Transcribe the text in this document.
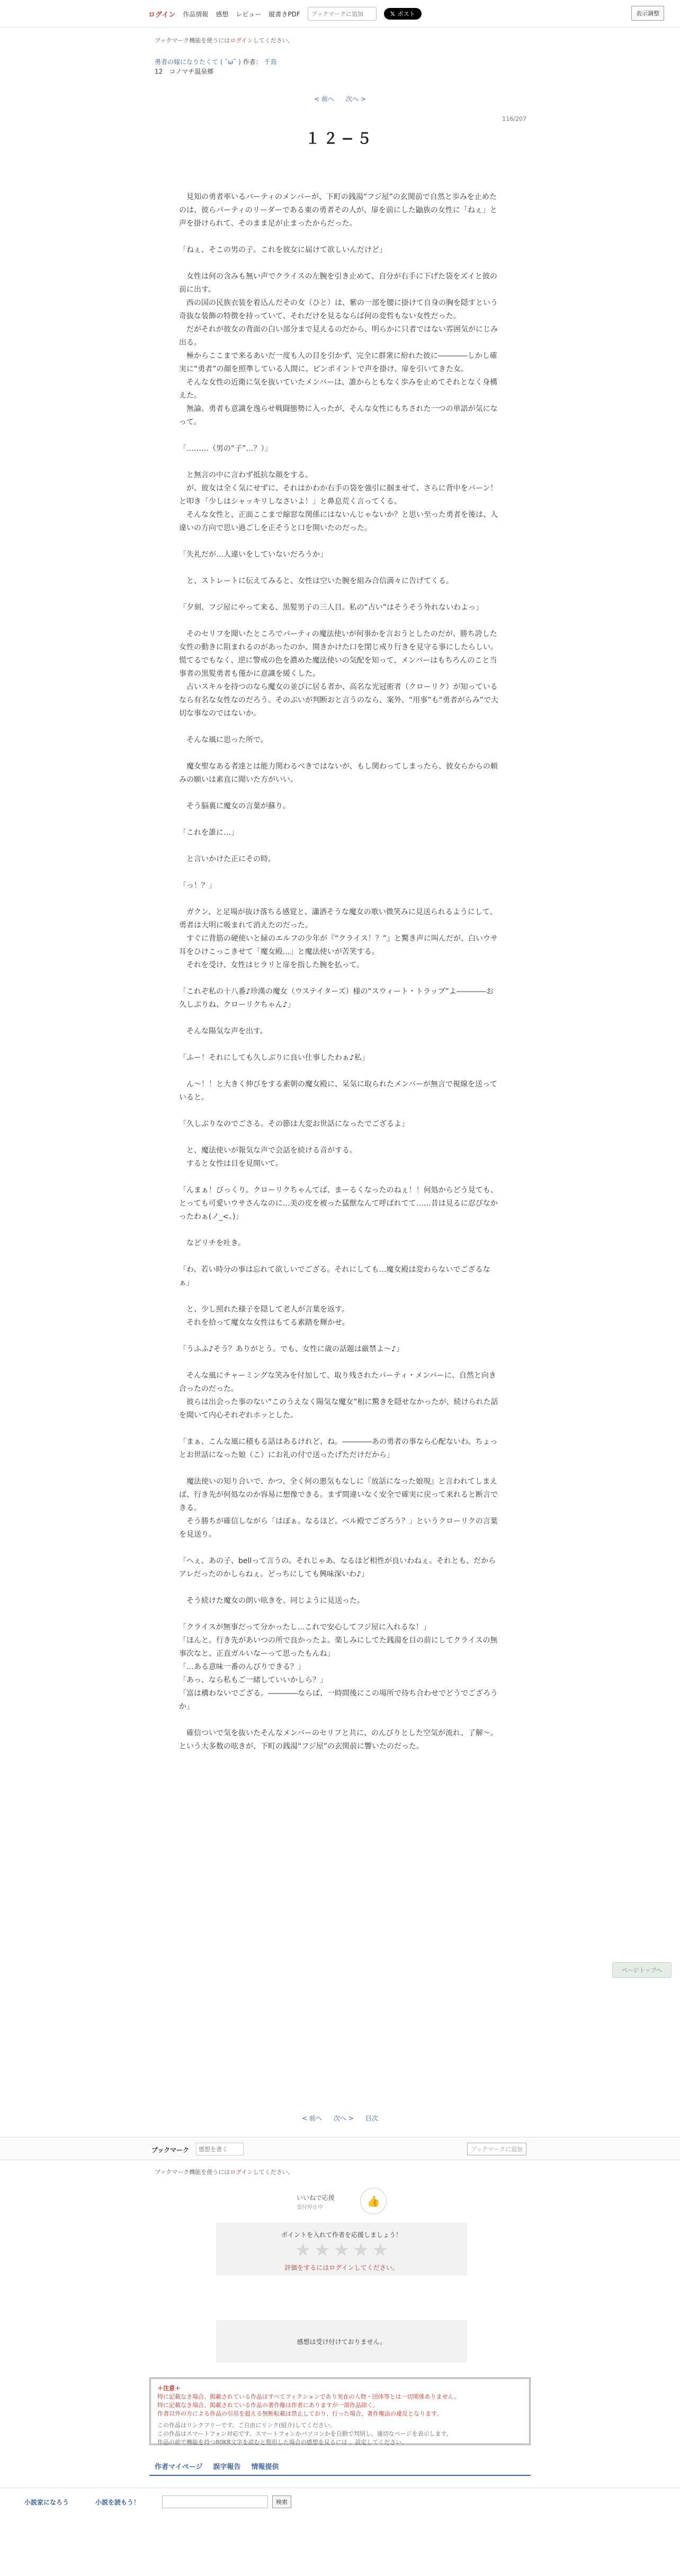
ログイン 作品情報 感想 レビュー 縦書きPDF
ブックマークに追加	𝕏 ポスト	表示調整
ブックマーク機能を使うにはログインしてください。
勇者の嫁になりたくて ( ˘ω˘ ) 作者： 千鳥
12　コノマチ温泉郷
< 前へ 次へ >
116/207
１２−５

　見知の勇者率いるパーティのメンバーが、下町の銭湯“フジ屋”の玄関前で自然と歩みを止めたのは、彼らパーティのリーダーである東の勇者その人が、扉を前にした鼬族の女性に「ねぇ」と声を掛けられて、そのまま足が止まったからだった。

「ねぇ、そこの男の子。これを彼女に届けて欲しいんだけど」

　女性は何の含みも無い声でクライスの左腕を引き止めて、自分が右手に下げた袋をズイと彼の前に出す。

　西の国の民族衣装を着込んだその女（ひと）は、紫の一部を腰に掛けて自身の胸を隠すという奇抜な装飾の特徴を持っていて、それだけを見るならば何の変哲もない女性だった。

　だがそれが彼女の背面の白い部分まで見えるのだから、明らかに只者ではない雰囲気がにじみ出る。

　極からここまで来るあいだ一度も人の目を引かず、完全に群衆に紛れた彼に――――しかし確実に“勇者”の顔を照準している人間に、ピンポイントで声を掛け、扉を引いてきた女。

　そんな女性の近衛に気を抜いていたメンバーは、誰からともなく歩みを止めてそれとなく身構えた。

　無論、勇者も意識を逸らせ戦闘態勢に入ったが、そんな女性にもちされた一つの単語が気になって。

「………（男の“子”…？）」

　と無言の中に言わず抵抗な顔をする。

　が、彼女は全く気にせずに、それはかわか右手の袋を強引に掴ませて、さらに背中をパーン！と叩き「少しはシャッキリしなさいよ！」と鼻息荒く言ってくる。

　そんな女性と、正面ここまで縮窓な関係にはないんじゃないか？と思い至った勇者を後は、人違いの方向で思い過ごしを正そうと口を開いたのだった。

「失礼だが…人違いをしていないだろうか」

　と、ストレートに伝えてみると、女性は空いた腕を組み合信満々に告げてくる。

「夕刻、フジ屋にやって来る、黒髪男子の三人目。私の“占い”はそうそう外れないわよっ」

　そのセリフを聞いたところでパーティの魔法使いが何事かを言おうとしたのだが、勝ち誇した女性の動きに阻まれるのがあったのか、開きかけた口を閉じ戒り行きを見守る事にしたらしい。慌てるでもなく、逆に警戒の色を濃めた魔法使いの気配を知って、メンバーはもちろんのこと当事者の黒髪勇者も僅かに意識を緩くした。

　占いスキルを持つのなら魔女の並びに居る者か、高名な光冠術者（クローリク）が知っているなら有名な女性なのだろう。そのぶいが判断おと言うのなら、案外、“用事”も“勇者がらみ”で大切な事なのではないか。

　そんな風に思った所で。

　魔女聖なある者達とは能力関わるべきではないが、もし関わってしまったら、彼女らからの頼みの願いは素直に聞いた方がいい。

　そう脳裏に魔女の言葉が蘇り。

「これを誰に…」

　と言いかけた正にその時。

「っ！？」

　ガクン、と足場が抜け落ちる感覚と、瀟洒そうな魔女の歌い微笑みに見送られるようにして、勇者は大明に吸まれて消えたのだった。

　すぐに背筋の硬使いと緑のエルフの少年が『“クライス！？”』と驚き声に叫んだが、白いウサ耳をひけこっこきせて「魔女殿…」と魔法使いが苦笑する。

　それを受け、女性はヒラリと扉を指した腕を払って。

「これぞ私の十八番♪珍漢の魔女（ウステイターズ）様の“スウィート・トラップ”よ――――お久しぶりね、クローリクちゃん♪」

　そんな陽気な声を出す。

「ふー！それにしても久しぶりに良い仕事したわぁ♪私」

　ん～！！と大きく伸びをする素朝の魔女殿に、呆気に取られたメンバーが無言で視線を送っていると。

「久しぶりなのでごさる。その節は大変お世話になったでござるよ」

　と、魔法使いが報気な声で会話を続ける音がする。

　すると女性は目を見開いて。

「んまぁ！びっくり。クローリクちゃんてば、まーるくなったのねぇ！！何処からどう見ても、とっても可愛いウサさんなのに…美の皮を被った猛獣なんて呼ばれてて……昔は見るに忍びなかったわぁ(ノ_<。)」

　などリチを吐き。

「わ、若い時分の事は忘れて欲しいでござる。それにしても…魔女殿は変わらないでござるなぁ」

　と、少し照れた様子を隠して老人が言葉を返す。

　それを拾って魔女な女性はもてる素踏を輝かせ。

「うふふ♪そう？ありがとう。でも、女性に歳の話題は厳禁よ～♪」

　そんな風にチャーミングな笑みを付加して、取り残されたパーティ・メンバーに、自然と向き合ったのだった。

　彼らは出会った事のない“このうえなく陽気な魔女”相に驚きを隠せなかったが、続けられた話を聞いて内心それぞれホッとした。

「まぁ、こんな風に積もる話はあるけれど、ね。――――あの勇者の事なら心配ないわ。ちょっとお世話になった娘（こ）にお礼の付で送ったげただけだから」

　魔法使いの知り合いで、かつ、全く何の悪気もなしに『放話になった娘現』と言われてしまえば、行き先が何処なのか容易に想像できる。まず間違いなく安全で確実に戻って来れると断言できる。

　そう勝ちが確信しながら「はぼぁ。なるほど。ベル殿でござろう？」というクローリクの言葉を見送り。

「へぇ、あの子、bellって言うの。それじゃあ、なるほど相性が良いわねぇ。それとも、だからアレだったのかしらねぇ。どっちにしても興味深いわ♪」

　そう続けた魔女の朗い呟きを、同じように見送った。

「クライスが無事だって分かったし…これで安心してフジ屋に入れるな！」

「ほんと。行き先があいつの所で良かったよ。楽しみにしてた銭湯を目の前にしてクライスの無事次なと、正直ガルいなーって思ったもんね」

「…ある意味一番のんびりできる？」

「あっ、なら私もご一緒していいかしら？」

「富は構わないでござる。――――ならば、一時間後にこの場所で待ち合わせでどうでござろうか」

　確信ついで気を抜いたそんなメンバーのセリフと共に、のんびりとした空気が流れ、了解～。という大多数の呟きが、下町の銭湯“フジ屋”の玄関前に響いたのだった。

ページトップへ
< 前へ 次へ > 目次
ブックマーク
感想を書く	ブックマークに追加
ブックマーク機能を使うにはログインしてください。
いいねで応援
受付停止中
👍
ポイントを入れて作者を応援しましょう！
★ ★ ★ ★ ★
評価をするにはログインしてください。
感想は受け付けておりません。
＋注意＋
特に記載なき場合、掲載されている作品はすべてフィクションであり実在の人物・団体等とは一切関係ありません。
特に記載なき場合、掲載されている作品の著作権は作者にありますが一部作品除く。
作者以外の方による作品の引用を超える無断転載は禁止しており、行った場合、著作権法の違反となります。
この作品はリンクフリーです。ご自由にリンク(紹介)してください。
この作品はスマートフォン対応です。スマートフォンかパソコンかを自動で判別し、適切なページを表示します。
作品の前で機能を持つ80KB文字を読むと整形した場合の感想を見るには 、設定してください。
作者マイページ 誤字報告 情報提供
小説家になろう	小説を読もう！	検索
